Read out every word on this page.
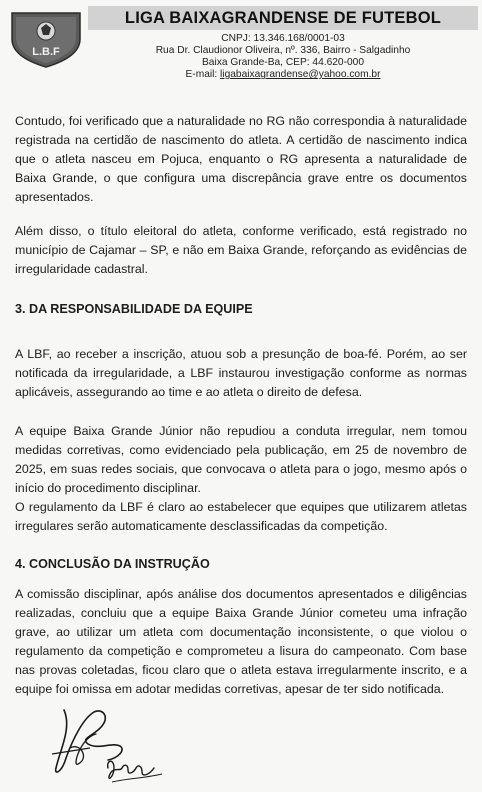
L.B.F
LIGA BAIXAGRANDENSE DE FUTEBOL
CNPJ: 13.346.168/0001-03
Rua Dr. Claudionor Oliveira, nº. 336, Bairro - Salgadinho
Baixa Grande-Ba, CEP: 44.620-000
E-mail: ligabaixagrandense@yahoo.com.br

Contudo, foi verificado que a naturalidade no RG não correspondia à naturalidade registrada na certidão de nascimento do atleta. A certidão de nascimento indica que o atleta nasceu em Pojuca, enquanto o RG apresenta a naturalidade de Baixa Grande, o que configura uma discrepância grave entre os documentos apresentados.

Além disso, o título eleitoral do atleta, conforme verificado, está registrado no município de Cajamar – SP, e não em Baixa Grande, reforçando as evidências de irregularidade cadastral.

3. DA RESPONSABILIDADE DA EQUIPE

A LBF, ao receber a inscrição, atuou sob a presunção de boa-fé. Porém, ao ser notificada da irregularidade, a LBF instaurou investigação conforme as normas aplicáveis, assegurando ao time e ao atleta o direito de defesa.

A equipe Baixa Grande Júnior não repudiou a conduta irregular, nem tomou medidas corretivas, como evidenciado pela publicação, em 25 de novembro de 2025, em suas redes sociais, que convocava o atleta para o jogo, mesmo após o início do procedimento disciplinar.

O regulamento da LBF é claro ao estabelecer que equipes que utilizarem atletas irregulares serão automaticamente desclassificadas da competição.

4. CONCLUSÃO DA INSTRUÇÃO

A comissão disciplinar, após análise dos documentos apresentados e diligências realizadas, concluiu que a equipe Baixa Grande Júnior cometeu uma infração grave, ao utilizar um atleta com documentação inconsistente, o que violou o regulamento da competição e comprometeu a lisura do campeonato. Com base nas provas coletadas, ficou claro que o atleta estava irregularmente inscrito, e a equipe foi omissa em adotar medidas corretivas, apesar de ter sido notificada.
